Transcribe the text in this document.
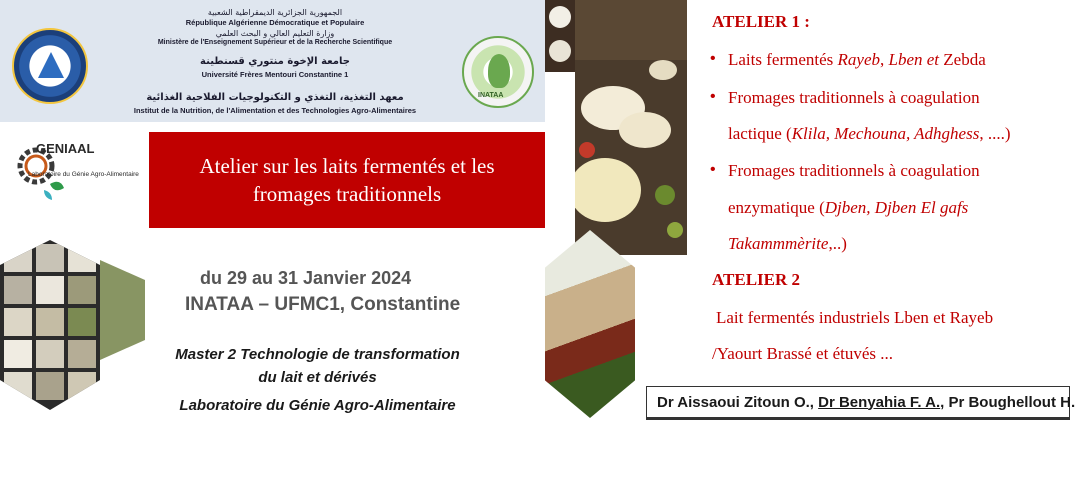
INATAA
الجمهورية الجزائرية الديمقراطية الشعبية
République Algérienne Démocratique et Populaire
وزارة التعليم العالي و البحث العلمي
Ministère de l'Enseignement Supérieur et de la Recherche Scientifique
جامعة الإخوة منتوري قسنطينة
Université Frères Mentouri Constantine 1
معهد التغذية، التغذي و التكنولوجيات الفلاحية الغذائية
Institut de la Nutrition, de l'Alimentation et des Technologies Agro-Alimentaires
GENIAAL
Laboratoire du Génie Agro-Alimentaire	Atelier sur les laits fermentés et les fromages traditionnels
du 29 au 31 Janvier 2024
INATAA – UFMC1, Constantine
Master 2 Technologie de transformation
du lait et dérivés
Laboratoire du Génie Agro-Alimentaire
ATELIER 1 :
• Laits fermentés Rayeb, Lben et Zebda
• Fromages traditionnels à coagulation
lactique (Klila, Mechouna, Adhghess, ....)
• Fromages traditionnels à coagulation
enzymatique (Djben, Djben El gafs
Takammmèrite,..)
ATELIER 2
Lait fermentés industriels Lben et Rayeb
/Yaourt Brassé et étuvés ...
Dr Aissaoui Zitoun O., Dr Benyahia F. A., Pr Boughellout H.
